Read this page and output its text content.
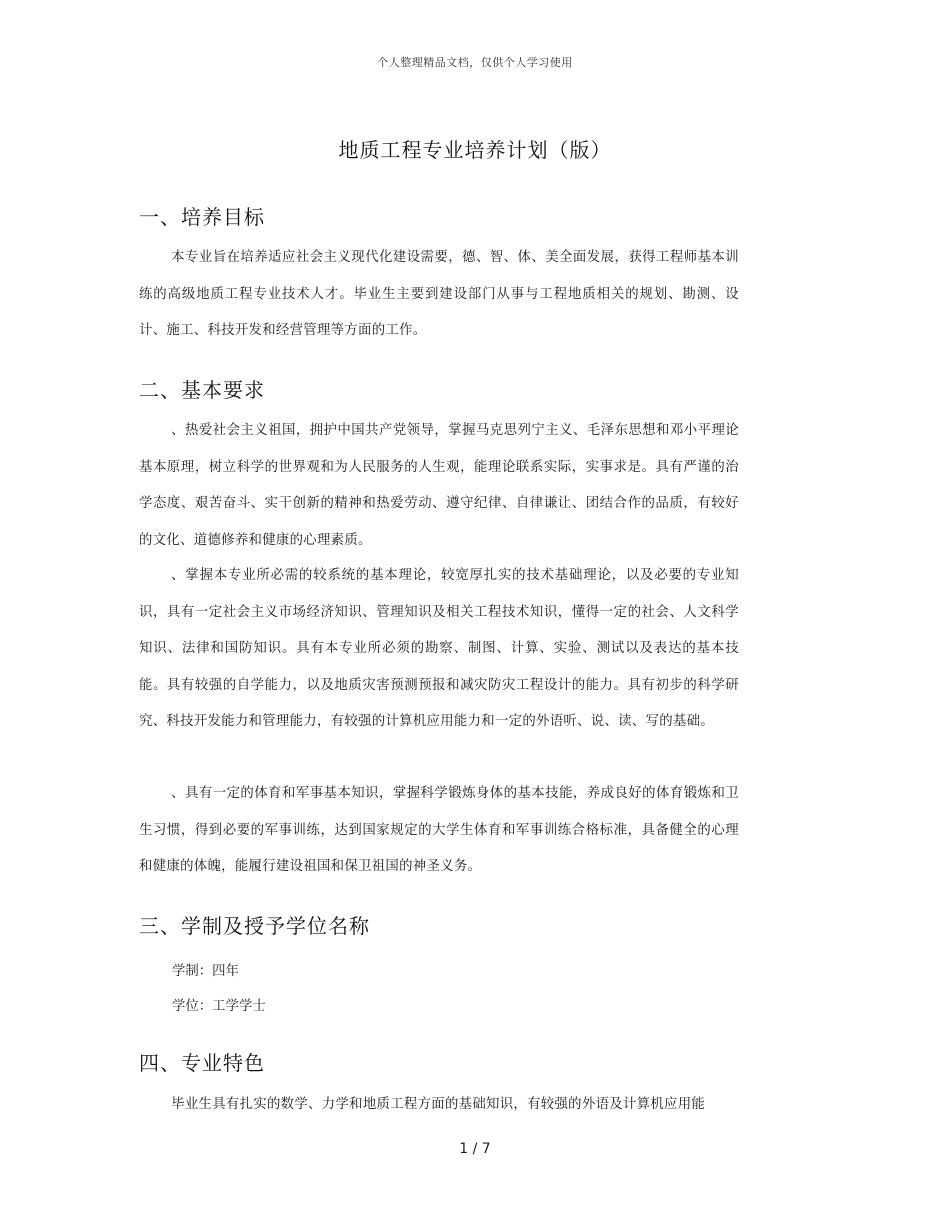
个人整理精品文档，仅供个人学习使用
地质工程专业培养计划（版）
一、培养目标
本专业旨在培养适应社会主义现代化建设需要，德、智、体、美全面发展，获得工程师基本训练的高级地质工程专业技术人才。毕业生主要到建设部门从事与工程地质相关的规划、勘测、设计、施工、科技开发和经营管理等方面的工作。
二、基本要求
、热爱社会主义祖国，拥护中国共产党领导，掌握马克思列宁主义、毛泽东思想和邓小平理论基本原理，树立科学的世界观和为人民服务的人生观，能理论联系实际，实事求是。具有严谨的治学态度、艰苦奋斗、实干创新的精神和热爱劳动、遵守纪律、自律谦让、团结合作的品质，有较好的文化、道德修养和健康的心理素质。
、掌握本专业所必需的较系统的基本理论，较宽厚扎实的技术基础理论，以及必要的专业知识，具有一定社会主义市场经济知识、管理知识及相关工程技术知识，懂得一定的社会、人文科学知识、法律和国防知识。具有本专业所必须的勘察、制图、计算、实验、测试以及表达的基本技能。具有较强的自学能力，以及地质灾害预测预报和减灾防灾工程设计的能力。具有初步的科学研究、科技开发能力和管理能力，有较强的计算机应用能力和一定的外语听、说、读、写的基础。
、具有一定的体育和军事基本知识，掌握科学锻炼身体的基本技能，养成良好的体育锻炼和卫生习惯，得到必要的军事训练，达到国家规定的大学生体育和军事训练合格标准，具备健全的心理和健康的体魄，能履行建设祖国和保卫祖国的神圣义务。
三、学制及授予学位名称
学制：四年
学位：工学学士
四、专业特色
毕业生具有扎实的数学、力学和地质工程方面的基础知识，有较强的外语及计算机应用能
1 / 7
